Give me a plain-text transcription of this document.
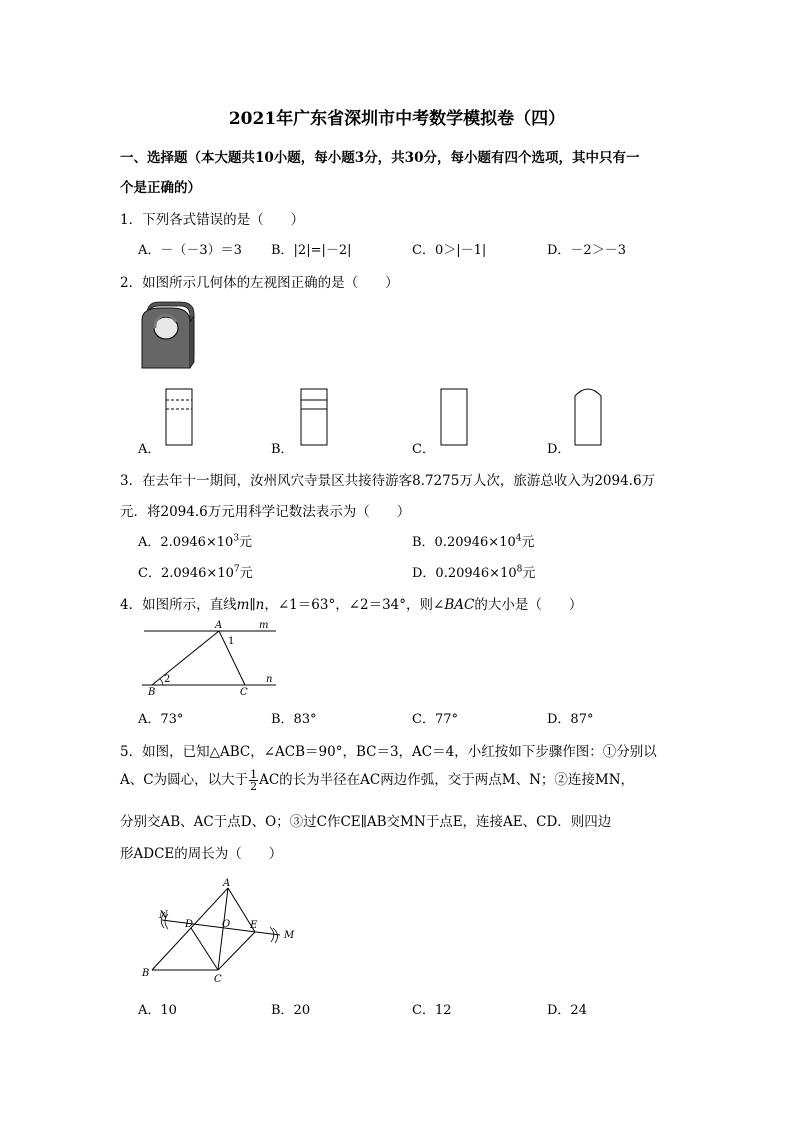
2021年广东省深圳市中考数学模拟卷（四）
一、选择题（本大题共10小题，每小题3分，共30分，每小题有四个选项，其中只有一
个是正确的）
1．下列各式错误的是（　　）
A．－（－3）＝3 B．|2|=|－2|	C．0＞|－1|	D．－2＞－3
2．如图所示几何体的左视图正确的是（　　）
A．	B．	C．	D．
3．在去年十一期间，汝州风穴寺景区共接待游客8.7275万人次，旅游总收入为2094.6万
元．将2094.6万元用科学记数法表示为（　　）
A．$2.0946\times 10^3$元	B．$0.20946\times 10^4$元
C．$2.0946\times 10^7$元	D．$0.20946\times 10^8$元
4．如图所示，直线m∥n，∠1＝63°，∠2＝34°，则∠BAC的大小是（　　）
A
1
m
2
B	C
n
A．73°	B．83°	C．77°	D．87°
5．如图，已知△ABC，∠ACB＝90°，BC＝3，AC＝4，小红按如下步骤作图：①分别以
A、C为圆心，以大于 $\frac{1}{2}$ AC的长为半径在AC两边作弧，交于两点M、N；②连接MN，
分别交AB、AC于点D、O；③过C作CE∥AB交MN于点E，连接AE、CD．则四边
形ADCE的周长为（　　）
A
N
D	O E
M
B
C
A．10	B．20	C．12	D．24
